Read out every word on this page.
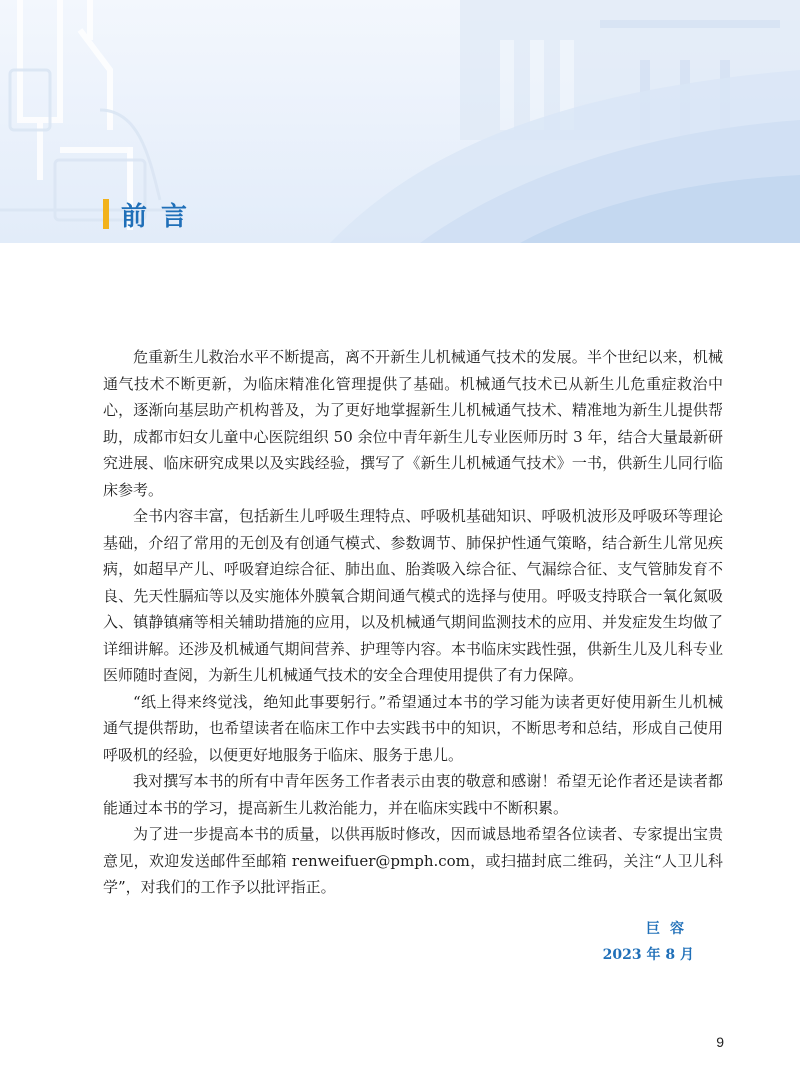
前言

危重新生儿救治水平不断提高，离不开新生儿机械通气技术的发展。半个世纪以来，机械通气技术不断更新，为临床精准化管理提供了基础。机械通气技术已从新生儿危重症救治中心，逐渐向基层助产机构普及，为了更好地掌握新生儿机械通气技术、精准地为新生儿提供帮助，成都市妇女儿童中心医院组织 50 余位中青年新生儿专业医师历时 3 年，结合大量最新研究进展、临床研究成果以及实践经验，撰写了《新生儿机械通气技术》一书，供新生儿同行临床参考。

全书内容丰富，包括新生儿呼吸生理特点、呼吸机基础知识、呼吸机波形及呼吸环等理论基础，介绍了常用的无创及有创通气模式、参数调节、肺保护性通气策略，结合新生儿常见疾病，如超早产儿、呼吸窘迫综合征、肺出血、胎粪吸入综合征、气漏综合征、支气管肺发育不良、先天性膈疝等以及实施体外膜氧合期间通气模式的选择与使用。呼吸支持联合一氧化氮吸入、镇静镇痛等相关辅助措施的应用，以及机械通气期间监测技术的应用、并发症发生均做了详细讲解。还涉及机械通气期间营养、护理等内容。本书临床实践性强，供新生儿及儿科专业医师随时查阅，为新生儿机械通气技术的安全合理使用提供了有力保障。

“纸上得来终觉浅，绝知此事要躬行。”希望通过本书的学习能为读者更好使用新生儿机械通气提供帮助，也希望读者在临床工作中去实践书中的知识，不断思考和总结，形成自己使用呼吸机的经验，以便更好地服务于临床、服务于患儿。

我对撰写本书的所有中青年医务工作者表示由衷的敬意和感谢！希望无论作者还是读者都能通过本书的学习，提高新生儿救治能力，并在临床实践中不断积累。

为了进一步提高本书的质量，以供再版时修改，因而诚恳地希望各位读者、专家提出宝贵意见，欢迎发送邮件至邮箱 renweifuer@pmph.com，或扫描封底二维码，关注“人卫儿科学”，对我们的工作予以批评指正。

巨容
2023 年 8 月
9
